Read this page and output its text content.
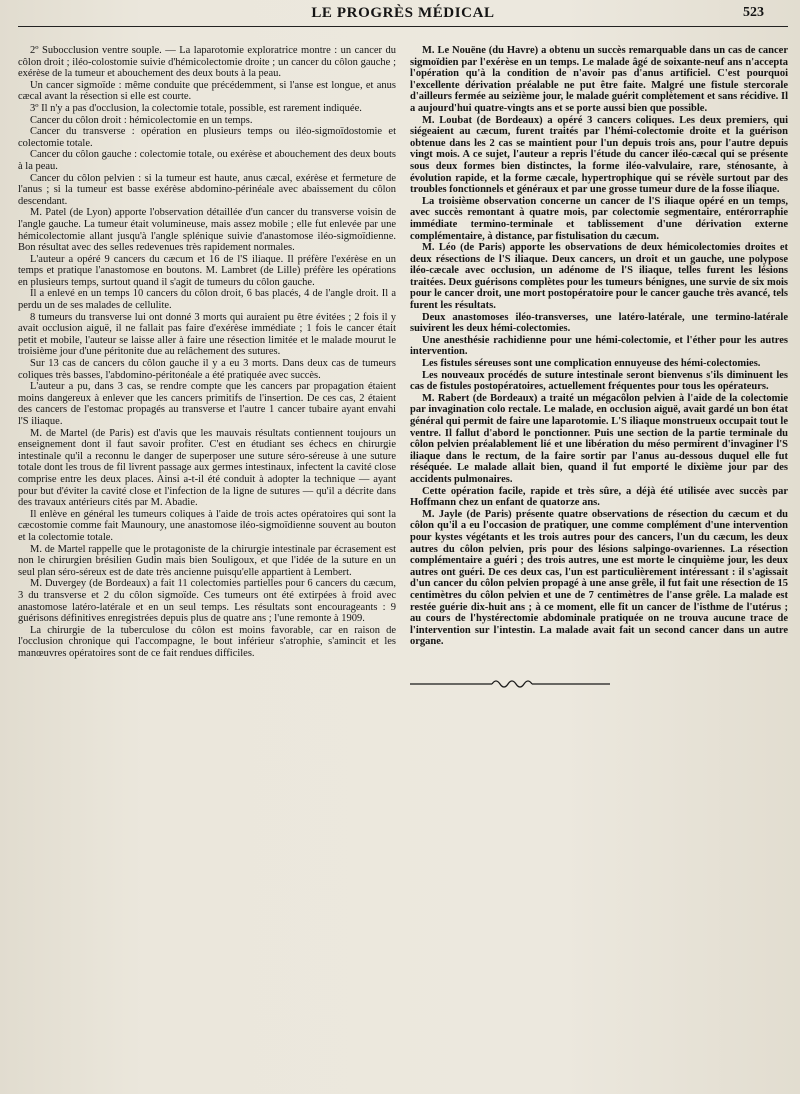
LE PROGRÈS MÉDICAL	523

2º Subocclusion ventre souple. — La laparotomie exploratrice montre : un cancer du côlon droit ; iléo-colostomie suivie d'hémicolectomie droite ; un cancer du côlon gauche ; exérèse de la tumeur et abouchement des deux bouts à la peau.

Un cancer sigmoïde : même conduite que précédemment, si l'anse est longue, et anus cæcal avant la résection si elle est courte.

3º Il n'y a pas d'occlusion, la colectomie totale, possible, est rarement indiquée.

Cancer du côlon droit : hémicolectomie en un temps.

Cancer du transverse : opération en plusieurs temps ou iléo-sigmoïdostomie et colectomie totale.

Cancer du côlon gauche : colectomie totale, ou exérèse et abouchement des deux bouts à la peau.

Cancer du côlon pelvien : si la tumeur est haute, anus cæcal, exérèse et fermeture de l'anus ; si la tumeur est basse exérèse abdomino-périnéale avec abaissement du côlon descendant.

M. Patel (de Lyon) apporte l'observation détaillée d'un cancer du transverse voisin de l'angle gauche. La tumeur était volumineuse, mais assez mobile ; elle fut enlevée par une hémicolectomie allant jusqu'à l'angle splénique suivie d'anastomose iléo-sigmoïdienne. Bon résultat avec des selles redevenues très rapidement normales.

L'auteur a opéré 9 cancers du cæcum et 16 de l'S iliaque. Il préfère l'exérèse en un temps et pratique l'anastomose en boutons. M. Lambret (de Lille) préfère les opérations en plusieurs temps, surtout quand il s'agit de tumeurs du côlon gauche.

Il a enlevé en un temps 10 cancers du côlon droit, 6 bas placés, 4 de l'angle droit. Il a perdu un de ses malades de cellulite.

8 tumeurs du transverse lui ont donné 3 morts qui auraient pu être évitées ; 2 fois il y avait occlusion aiguë, il ne fallait pas faire d'exérèse immédiate ; 1 fois le cancer était petit et mobile, l'auteur se laisse aller à faire une résection limitée et le malade mourut le troisième jour d'une péritonite due au relâchement des sutures.

Sur 13 cas de cancers du côlon gauche il y a eu 3 morts. Dans deux cas de tumeurs coliques très basses, l'abdomino-péritonéale a été pratiquée avec succès.

L'auteur a pu, dans 3 cas, se rendre compte que les cancers par propagation étaient moins dangereux à enlever que les cancers primitifs de l'insertion. De ces cas, 2 étaient des cancers de l'estomac propagés au transverse et l'autre 1 cancer tubaire ayant envahi l'S iliaque.

M. de Martel (de Paris) est d'avis que les mauvais résultats contiennent toujours un enseignement dont il faut savoir profiter. C'est en étudiant ses échecs en chirurgie intestinale qu'il a reconnu le danger de superposer une suture séro-séreuse à une suture totale dont les trous de fil livrent passage aux germes intestinaux, infectent la cavité close comprise entre les deux places. Ainsi a-t-il été conduit à adopter la technique — ayant pour but d'éviter la cavité close et l'infection de la ligne de sutures — qu'il a décrite dans des travaux antérieurs cités par M. Abadie.

Il enlève en général les tumeurs coliques à l'aide de trois actes opératoires qui sont la cæcostomie comme fait Maunoury, une anastomose iléo-sigmoïdienne souvent au bouton et la colectomie totale.

M. de Martel rappelle que le protagoniste de la chirurgie intestinale par écrasement est non le chirurgien brésilien Gudin mais bien Souligoux, et que l'idée de la suture en un seul plan séro-séreux est de date très ancienne puisqu'elle appartient à Lembert.

M. Duvergey (de Bordeaux) a fait 11 colectomies partielles pour 6 cancers du cæcum, 3 du transverse et 2 du côlon sigmoïde. Ces tumeurs ont été extirpées à froid avec anastomose latéro-latérale et en un seul temps. Les résultats sont encourageants : 9 guérisons définitives enregistrées depuis plus de quatre ans ; l'une remonte à 1909.

La chirurgie de la tuberculose du côlon est moins favorable, car en raison de l'occlusion chronique qui l'accompagne, le bout inférieur s'atrophie, s'amincit et les manœuvres opératoires sont de ce fait rendues difficiles.

M. Le Nouëne (du Havre) a obtenu un succès remarquable dans un cas de cancer sigmoïdien par l'exérèse en un temps. Le malade âgé de soixante-neuf ans n'accepta l'opération qu'à la condition de n'avoir pas d'anus artificiel. C'est pourquoi l'excellente dérivation préalable ne put être faite. Malgré une fistule stercorale d'ailleurs fermée au seizième jour, le malade guérit complètement et sans récidive. Il a aujourd'hui quatre-vingts ans et se porte aussi bien que possible.

M. Loubat (de Bordeaux) a opéré 3 cancers coliques. Les deux premiers, qui siégeaient au cæcum, furent traités par l'hémi-colectomie droite et la guérison obtenue dans les 2 cas se maintient pour l'un depuis trois ans, pour l'autre depuis vingt mois. A ce sujet, l'auteur a repris l'étude du cancer iléo-cæcal qui se présente sous deux formes bien distinctes, la forme iléo-valvulaire, rare, sténosante, à évolution rapide, et la forme cæcale, hypertrophique qui se révèle surtout par des troubles fonctionnels et généraux et par une grosse tumeur dure de la fosse iliaque.

La troisième observation concerne un cancer de l'S iliaque opéré en un temps, avec succès remontant à quatre mois, par colectomie segmentaire, entérorraphie immédiate termino-terminale et tablissement d'une dérivation externe complémentaire, à distance, par fistulisation du cæcum.

M. Léo (de Paris) apporte les observations de deux hémicolectomies droites et deux résections de l'S iliaque. Deux cancers, un droit et un gauche, une polypose iléo-cæcale avec occlusion, un adénome de l'S iliaque, telles furent les lésions traitées. Deux guérisons complètes pour les tumeurs bénignes, une survie de six mois pour le cancer droit, une mort postopératoire pour le cancer gauche très avancé, tels furent les résultats.

Deux anastomoses iléo-transverses, une latéro-latérale, une termino-latérale suivirent les deux hémi-colectomies.

Une anesthésie rachidienne pour une hémi-colectomie, et l'éther pour les autres intervention.

Les fistules séreuses sont une complication ennuyeuse des hémi-colectomies.

Les nouveaux procédés de suture intestinale seront bienvenus s'ils diminuent les cas de fistules postopératoires, actuellement fréquentes pour tous les opérateurs.

M. Rabert (de Bordeaux) a traité un mégacôlon pelvien à l'aide de la colectomie par invagination colo rectale. Le malade, en occlusion aiguë, avait gardé un bon état général qui permit de faire une laparotomie. L'S iliaque monstrueux occupait tout le ventre. Il fallut d'abord le ponctionner. Puis une section de la partie terminale du côlon pelvien préalablement lié et une libération du méso permirent d'invaginer l'S iliaque dans le rectum, de la faire sortir par l'anus au-dessous duquel elle fut réséquée. Le malade allait bien, quand il fut emporté le dixième jour par des accidents pulmonaires.

Cette opération facile, rapide et très sûre, a déjà été utilisée avec succès par Hoffmann chez un enfant de quatorze ans.

M. Jayle (de Paris) présente quatre observations de résection du cæcum et du côlon qu'il a eu l'occasion de pratiquer, une comme complément d'une intervention pour kystes végétants et les trois autres pour des cancers, l'un du cæcum, les deux autres du côlon pelvien, pris pour des lésions salpingo-ovariennes. La résection complémentaire a guéri ; des trois autres, une est morte le cinquième jour, les deux autres ont guéri. De ces deux cas, l'un est particulièrement intéressant : il s'agissait d'un cancer du côlon pelvien propagé à une anse grêle, il fut fait une résection de 15 centimètres du côlon pelvien et une de 7 centimètres de l'anse grêle. La malade est restée guérie dix-huit ans ; à ce moment, elle fit un cancer de l'isthme de l'utérus ; au cours de l'hystérectomie abdominale pratiquée on ne trouva aucune trace de l'intervention sur l'intestin. La malade avait fait un second cancer dans un autre organe.
